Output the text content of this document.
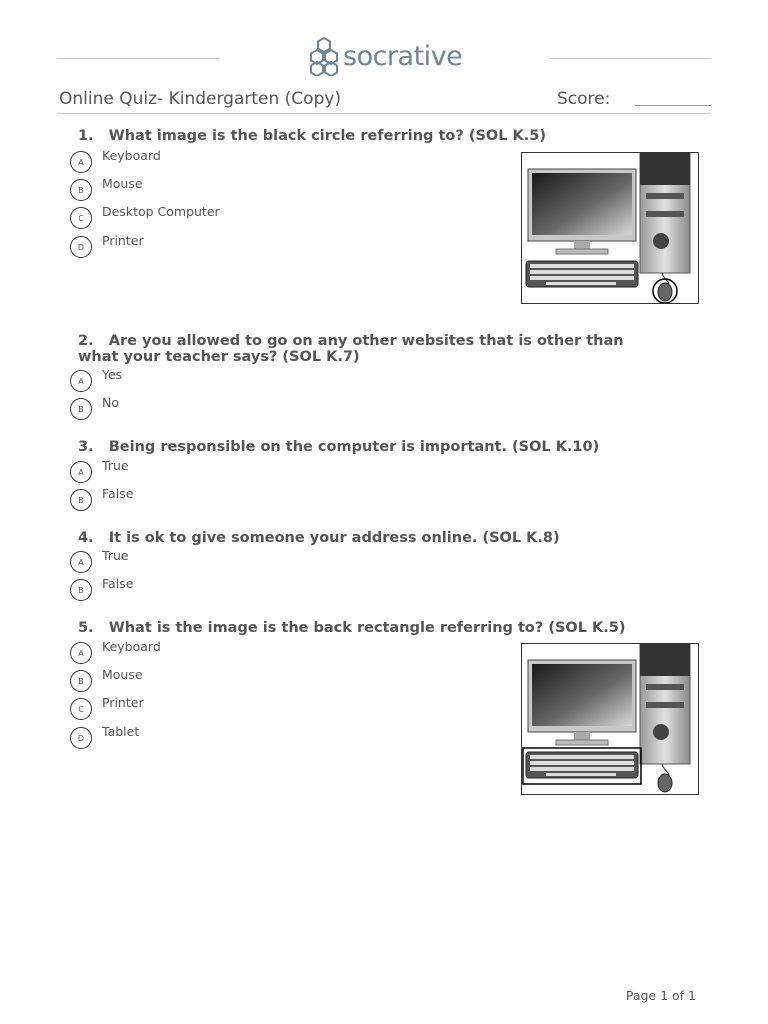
socrative
Online Quiz- Kindergarten (Copy)	Score:
1.   What image is the black circle referring to? (SOL K.5)
A	Keyboard
B	Mouse
C	Desktop Computer
D	Printer
2.   Are you allowed to go on any other websites that is other than what your teacher says? (SOL K.7)
A	Yes
B	No
3.   Being responsible on the computer is important. (SOL K.10)
A	True
B	False
4.   It is ok to give someone your address online. (SOL K.8)
A	True
B	False
5.   What is the image is the back rectangle referring to? (SOL K.5)
A	Keyboard
B	Mouse
C	Printer
D	Tablet
Page 1 of 1
